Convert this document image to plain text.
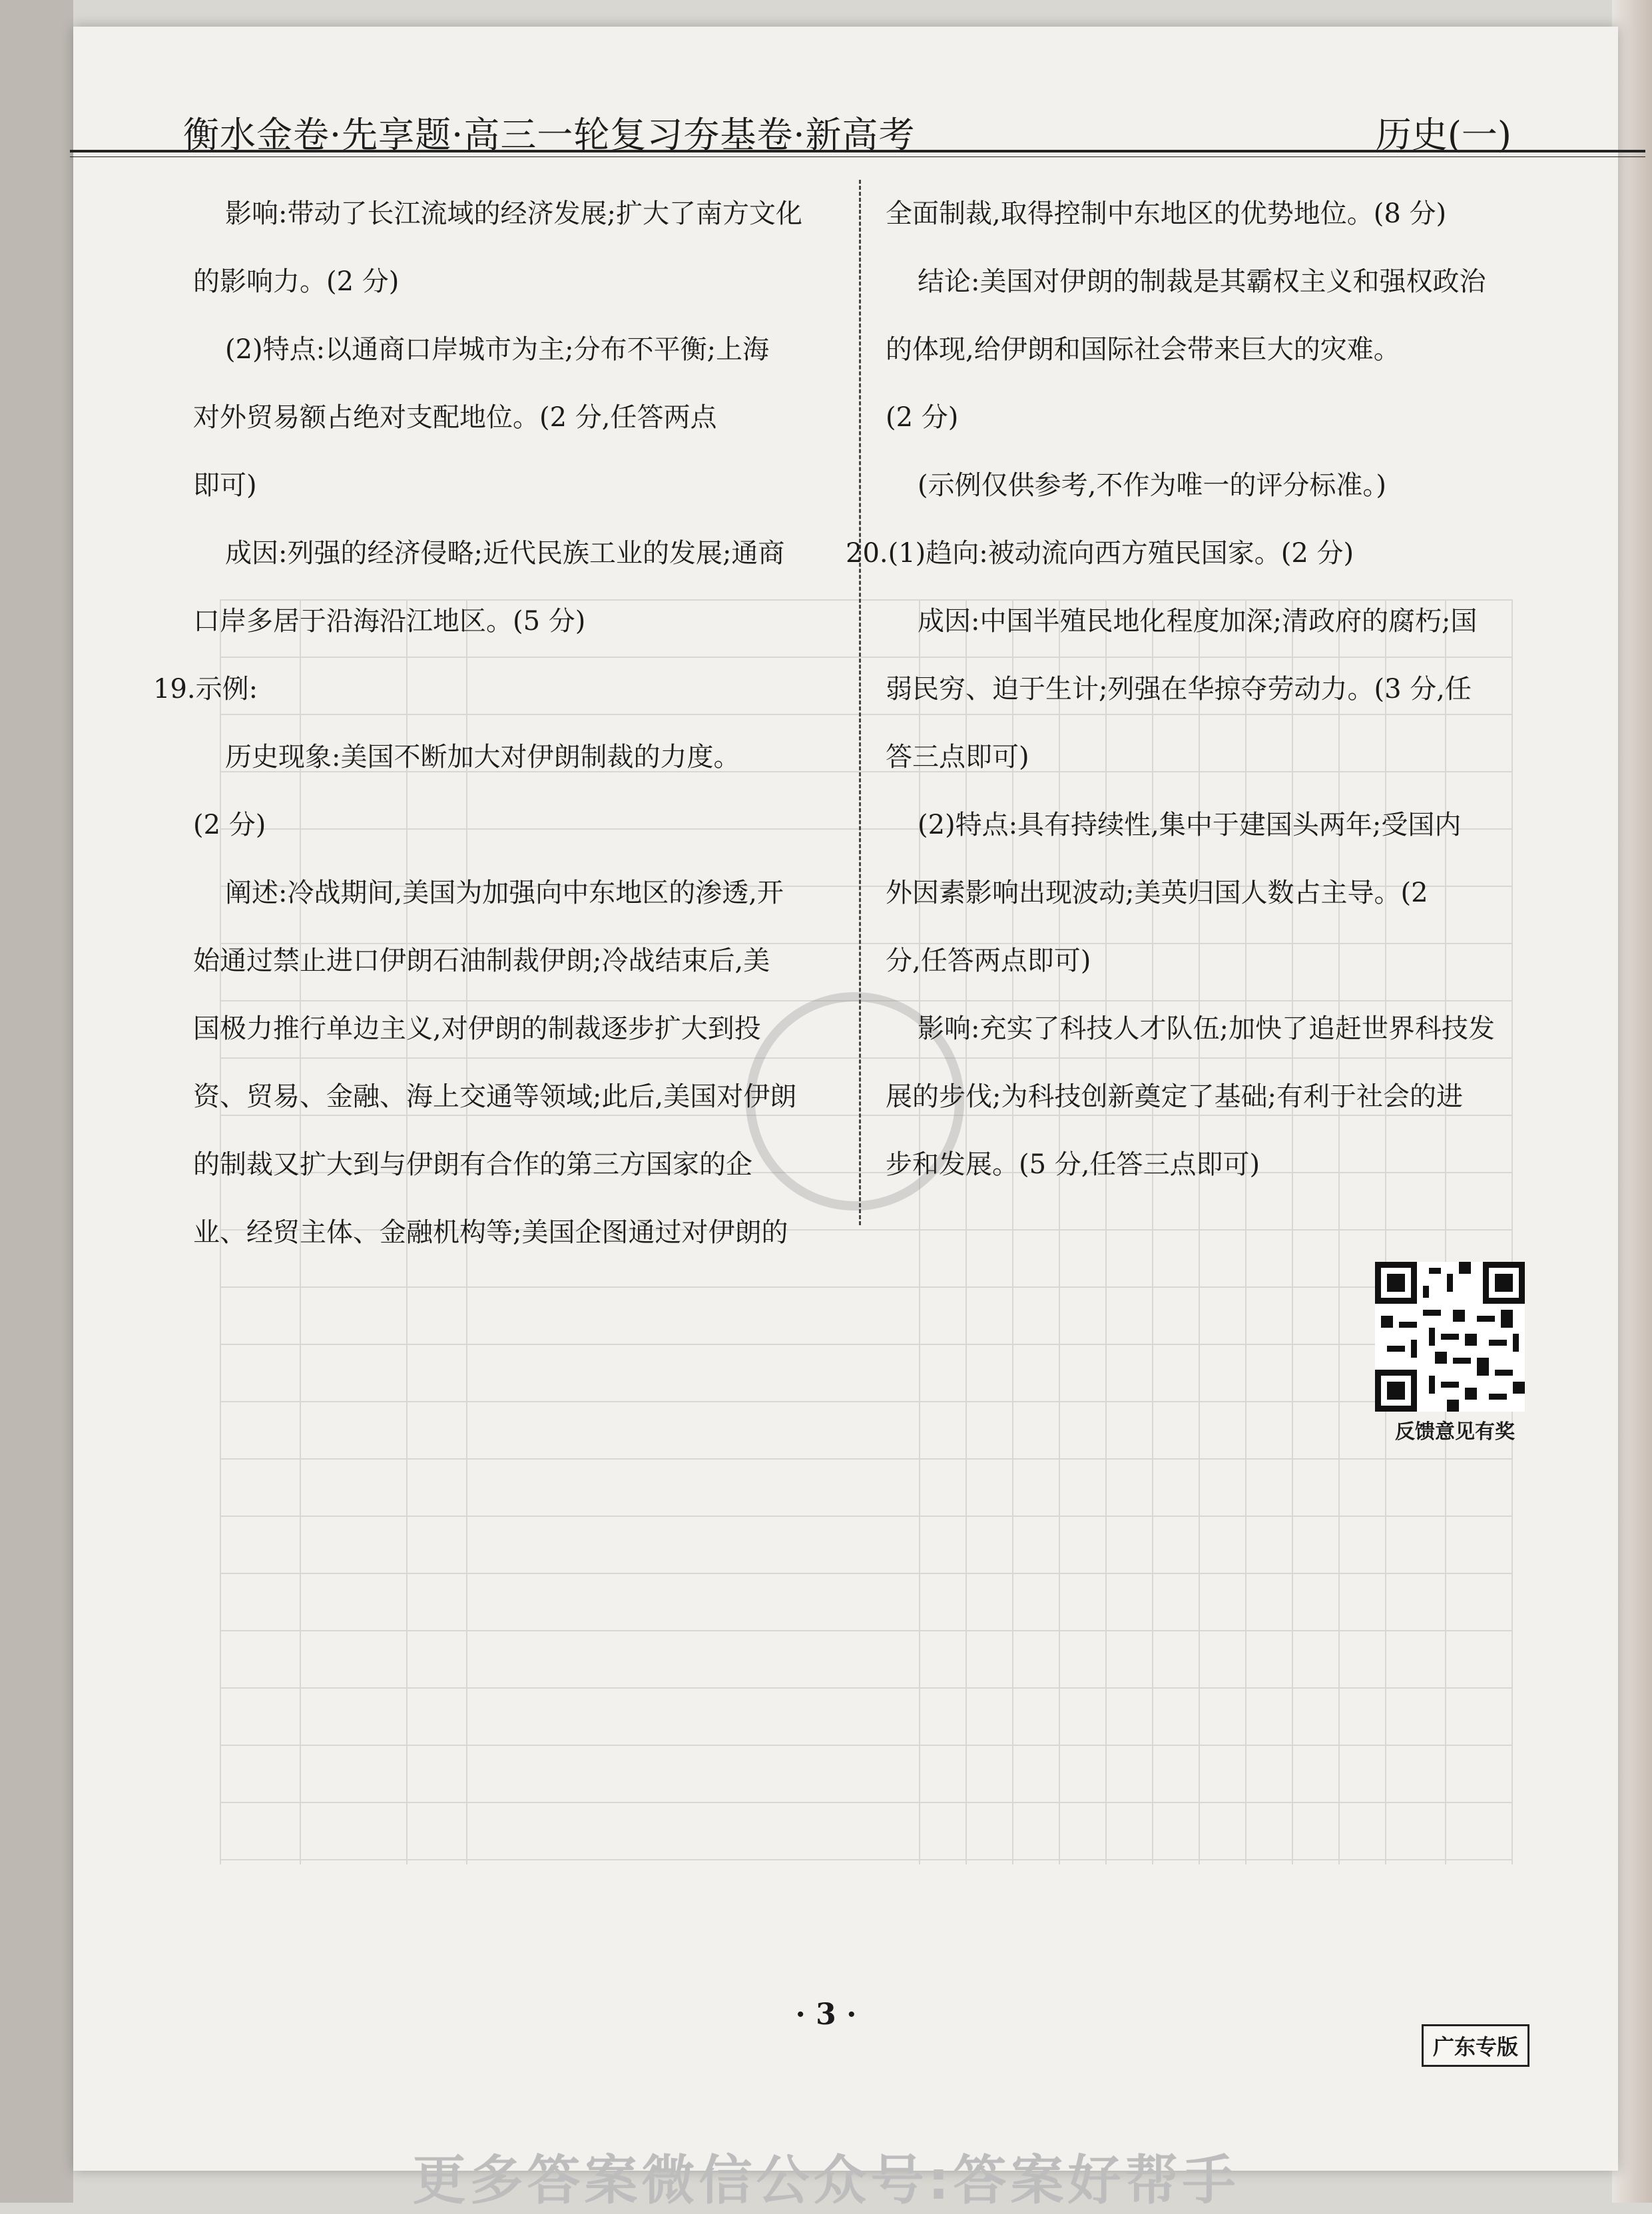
衡水金卷·先享题·高三一轮复习夯基卷·新高考	历史(一)
影响:带动了长江流域的经济发展;扩大了南方文化
的影响力。(2 分)
(2)特点:以通商口岸城市为主;分布不平衡;上海
对外贸易额占绝对支配地位。(2 分,任答两点
即可)
成因:列强的经济侵略;近代民族工业的发展;通商
口岸多居于沿海沿江地区。(5 分)
19.示例:
历史现象:美国不断加大对伊朗制裁的力度。
(2 分)
阐述:冷战期间,美国为加强向中东地区的渗透,开
始通过禁止进口伊朗石油制裁伊朗;冷战结束后,美
国极力推行单边主义,对伊朗的制裁逐步扩大到投
资、贸易、金融、海上交通等领域;此后,美国对伊朗
的制裁又扩大到与伊朗有合作的第三方国家的企
业、经贸主体、金融机构等;美国企图通过对伊朗的
全面制裁,取得控制中东地区的优势地位。(8 分)
结论:美国对伊朗的制裁是其霸权主义和强权政治
的体现,给伊朗和国际社会带来巨大的灾难。
(2 分)
(示例仅供参考,不作为唯一的评分标准。)
20.(1)趋向:被动流向西方殖民国家。(2 分)
成因:中国半殖民地化程度加深;清政府的腐朽;国
弱民穷、迫于生计;列强在华掠夺劳动力。(3 分,任
答三点即可)
(2)特点:具有持续性,集中于建国头两年;受国内
外因素影响出现波动;美英归国人数占主导。(2
分,任答两点即可)
影响:充实了科技人才队伍;加快了追赶世界科技发
展的步伐;为科技创新奠定了基础;有利于社会的进
步和发展。(5 分,任答三点即可)
反馈意见有奖
· 3 ·
广东专版
更多答案微信公众号:答案好帮手
